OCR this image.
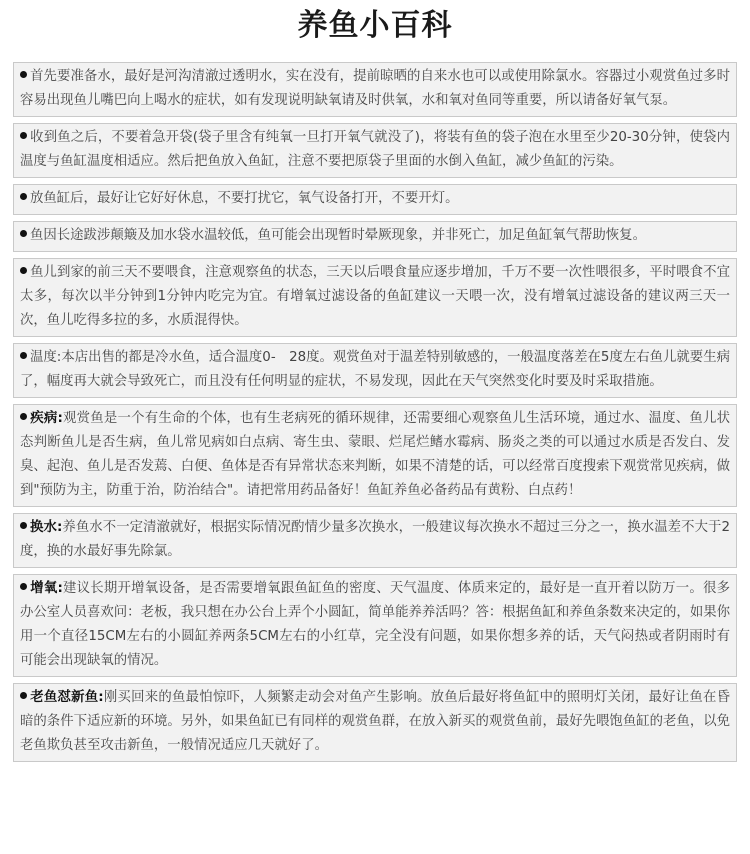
养鱼小百科
首先要准备水，最好是河沟清澈过透明水，实在没有，提前晾晒的自来水也可以或使用除氯水。容器过小观赏鱼过多时容易出现鱼儿嘴巴向上喝水的症状，如有发现说明缺氧请及时供氧，水和氧对鱼同等重要，所以请备好氧气泵。
收到鱼之后，不要着急开袋(袋子里含有纯氧一旦打开氧气就没了)，将装有鱼的袋子泡在水里至少20-30分钟，使袋内温度与鱼缸温度相适应。然后把鱼放入鱼缸，注意不要把原袋子里面的水倒入鱼缸，减少鱼缸的污染。
放鱼缸后，最好让它好好休息，不要打扰它，氧气设备打开，不要开灯。
鱼因长途跋涉颠簸及加水袋水温较低，鱼可能会出现暂时晕厥现象，并非死亡，加足鱼缸氧气帮助恢复。
鱼儿到家的前三天不要喂食，注意观察鱼的状态，三天以后喂食量应逐步增加，千万不要一次性喂很多，平时喂食不宜太多，每次以半分钟到1分钟内吃完为宜。有增氧过滤设备的鱼缸建议一天喂一次，没有增氧过滤设备的建议两三天一次，鱼儿吃得多拉的多，水质混得快。
温度:本店出售的都是冷水鱼，适合温度0-　28度。观赏鱼对于温差特别敏感的，一般温度落差在5度左右鱼儿就要生病了，幅度再大就会导致死亡，而且没有任何明显的症状，不易发现，因此在天气突然变化时要及时采取措施。
疾病:观赏鱼是一个有生命的个体，也有生老病死的循环规律，还需要细心观察鱼儿生活环境，通过水、温度、鱼儿状态判断鱼儿是否生病，鱼儿常见病如白点病、寄生虫、蒙眼、烂尾烂鳍水霉病、肠炎之类的可以通过水质是否发白、发臭、起泡、鱼儿是否发蔫、白便、鱼体是否有异常状态来判断，如果不清楚的话，可以经常百度搜索下观赏常见疾病，做到"预防为主，防重于治，防治结合"。请把常用药品备好！鱼缸养鱼必备药品有黄粉、白点药！
换水:养鱼水不一定清澈就好，根据实际情况酌情少量多次换水，一般建议每次换水不超过三分之一，换水温差不大于2度，换的水最好事先除氯。
增氧:建议长期开增氧设备，是否需要增氧跟鱼缸鱼的密度、天气温度、体质来定的，最好是一直开着以防万一。很多办公室人员喜欢问：老板，我只想在办公台上弄个小圆缸，简单能养养活吗？答：根据鱼缸和养鱼条数来决定的，如果你用一个直径15CM左右的小圆缸养两条5CM左右的小红草，完全没有问题，如果你想多养的话，天气闷热或者阴雨时有可能会出现缺氧的情况。
老鱼怼新鱼:刚买回来的鱼最怕惊吓，人频繁走动会对鱼产生影响。放鱼后最好将鱼缸中的照明灯关闭，最好让鱼在昏暗的条件下适应新的环境。另外，如果鱼缸已有同样的观赏鱼群，在放入新买的观赏鱼前，最好先喂饱鱼缸的老鱼，以免老鱼欺负甚至攻击新鱼，一般情况适应几天就好了。
